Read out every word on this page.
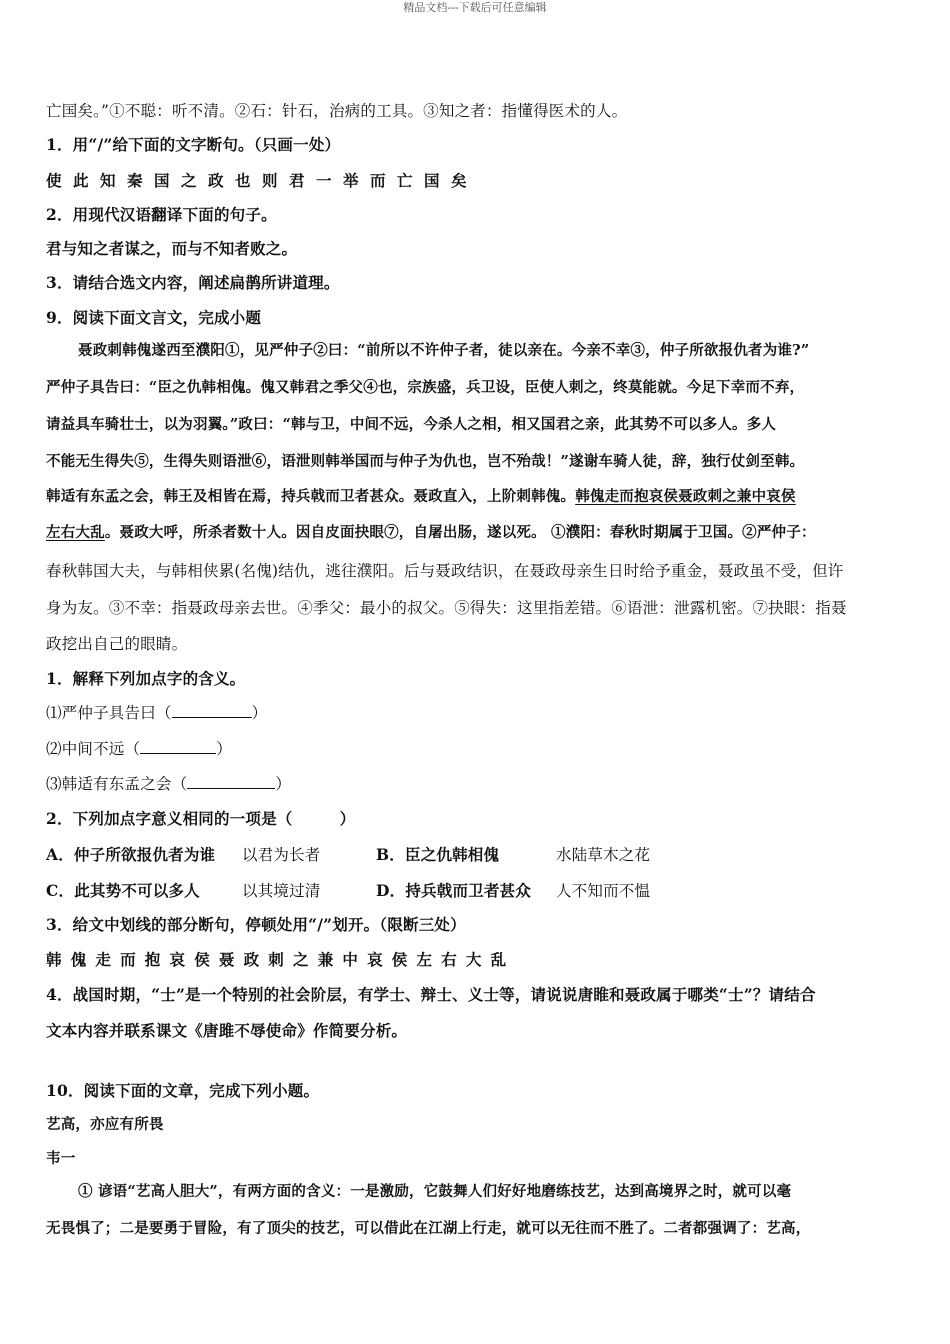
精品文档---下载后可任意编辑
亡国矣。”①不聪：听不清。②石：针石，治病的工具。③知之者：指懂得医术的人。
1．用“/”给下面的文字断句。（只画一处）
使此知秦国之政也则君一举而亡国矣
2．用现代汉语翻译下面的句子。
君与知之者谋之，而与不知者败之。
3．请结合选文内容，阐述扁鹊所讲道理。
9．阅读下面文言文，完成小题
聂政刺韩傀遂西至濮阳①，见严仲子②曰：“前所以不许仲子者，徒以亲在。今亲不幸③，仲子所欲报仇者为谁?”
严仲子具告曰：“臣之仇韩相傀。傀又韩君之季父④也，宗族盛，兵卫设，臣使人刺之，终莫能就。今足下幸而不弃，
请益具车骑壮士，以为羽翼。”政曰：“韩与卫，中间不远，今杀人之相，相又国君之亲，此其势不可以多人。多人
不能无生得失⑤，生得失则语泄⑥，语泄则韩举国而与仲子为仇也，岂不殆哉！”遂谢车骑人徒，辞，独行仗剑至韩。
韩适有东孟之会，韩王及相皆在焉，持兵戟而卫者甚众。聂政直入，上阶刺韩傀。韩傀走而抱哀侯聂政刺之兼中哀侯
左右大乱。聂政大呼，所杀者数十人。因自皮面抉眼⑦，自屠出肠，遂以死。 ①濮阳：春秋时期属于卫国。②严仲子：
春秋韩国大夫，与韩相侠累(名傀)结仇，逃往濮阳。后与聂政结识，在聂政母亲生日时给予重金，聂政虽不受，但许
身为友。③不幸：指聂政母亲去世。④季父：最小的叔父。⑤得失：这里指差错。⑥语泄：泄露机密。⑦抉眼：指聂
政挖出自己的眼睛。
1．解释下列加点字的含义。
⑴严仲子具告曰（	）
⑵中间不远（	）
⑶韩适有东孟之会（	）
2．下列加点字意义相同的一项是（　　　）
A．仲子所欲报仇者为谁 以君为长者	B．臣之仇韩相傀	水陆草木之花
C．此其势不可以多人	以其境过清	D．持兵戟而卫者甚众 人不知而不愠
3．给文中划线的部分断句，停顿处用“/”划开。（限断三处）
韩傀走而抱哀侯聂政刺之兼中哀侯左右大乱
4．战国时期，“士”是一个特别的社会阶层，有学士、辩士、义士等，请说说唐睢和聂政属于哪类“士”？请结合
文本内容并联系课文《唐雎不辱使命》作简要分析。
10．阅读下面的文章，完成下列小题。
艺高，亦应有所畏
韦一
① 谚语“艺高人胆大”，有两方面的含义：一是激励，它鼓舞人们好好地磨练技艺，达到高境界之时，就可以毫
无畏惧了；二是要勇于冒险，有了顶尖的技艺，可以借此在江湖上行走，就可以无往而不胜了。二者都强调了：艺高，
